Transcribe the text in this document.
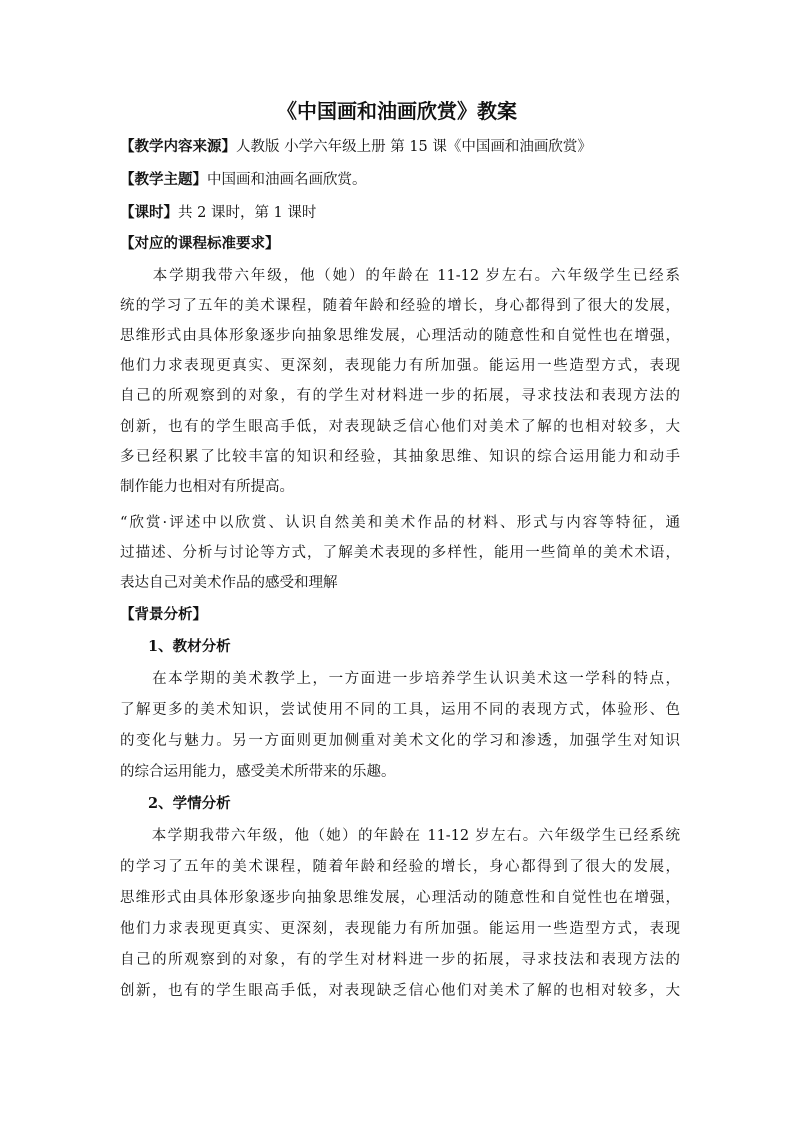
《中国画和油画欣赏》教案
【教学内容来源】人教版 小学六年级上册 第 15 课《中国画和油画欣赏》
【教学主题】中国画和油画名画欣赏。
【课时】共 2 课时，第 1 课时
【对应的课程标准要求】
　　本学期我带六年级，他（她）的年龄在 11-12 岁左右。六年级学生已经系
统的学习了五年的美术课程，随着年龄和经验的增长，身心都得到了很大的发展，
思维形式由具体形象逐步向抽象思维发展，心理活动的随意性和自觉性也在增强，
他们力求表现更真实、更深刻，表现能力有所加强。能运用一些造型方式，表现
自己的所观察到的对象，有的学生对材料进一步的拓展，寻求技法和表现方法的
创新，也有的学生眼高手低，对表现缺乏信心他们对美术了解的也相对较多，大
多已经积累了比较丰富的知识和经验，其抽象思维、知识的综合运用能力和动手
制作能力也相对有所提高。
“欣赏·评述中以欣赏、认识自然美和美术作品的材料、形式与内容等特征，通
过描述、分析与讨论等方式，了解美术表现的多样性，能用一些简单的美术术语，
表达自己对美术作品的感受和理解
【背景分析】
1、教材分析
　　在本学期的美术教学上，一方面进一步培养学生认识美术这一学科的特点，
了解更多的美术知识，尝试使用不同的工具，运用不同的表现方式，体验形、色
的变化与魅力。另一方面则更加侧重对美术文化的学习和渗透，加强学生对知识
的综合运用能力，感受美术所带来的乐趣。
2、学情分析
　　本学期我带六年级，他（她）的年龄在 11-12 岁左右。六年级学生已经系统
的学习了五年的美术课程，随着年龄和经验的增长，身心都得到了很大的发展，
思维形式由具体形象逐步向抽象思维发展，心理活动的随意性和自觉性也在增强，
他们力求表现更真实、更深刻，表现能力有所加强。能运用一些造型方式，表现
自己的所观察到的对象，有的学生对材料进一步的拓展，寻求技法和表现方法的
创新，也有的学生眼高手低，对表现缺乏信心他们对美术了解的也相对较多，大
